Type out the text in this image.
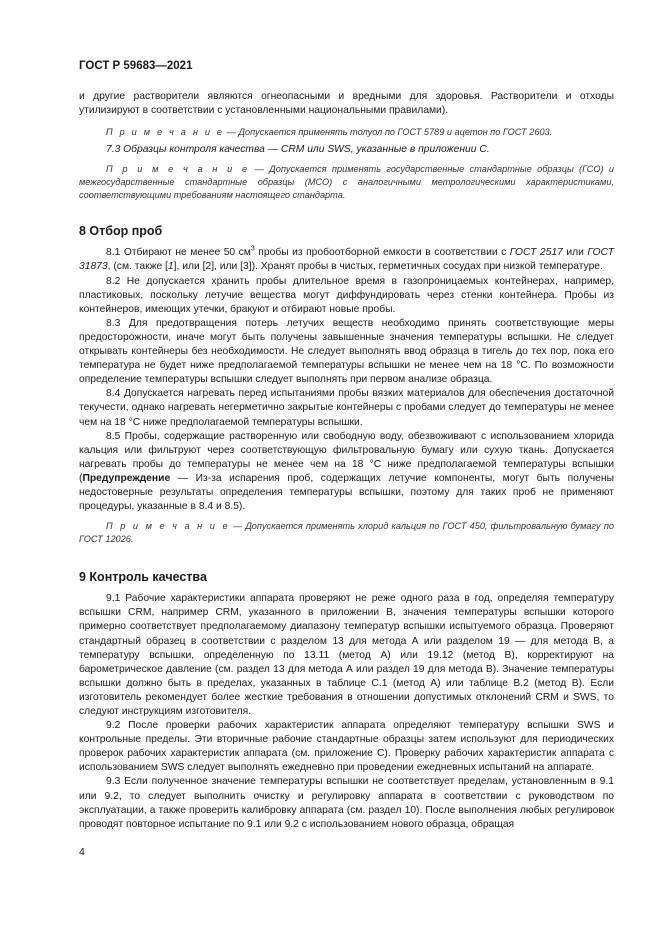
ГОСТ Р 59683—2021

и другие растворители являются огнеопасными и вредными для здоровья. Растворители и отходы утилизируют в соответствии с установленными национальными правилами).

П р и м е ч а н и е — Допускается применять толуол по ГОСТ 5789 и ацетон по ГОСТ 2603.

7.3 Образцы контроля качества — CRM или SWS, указанные в приложении С.

П р и м е ч а н и е — Допускается применять государственные стандартные образцы (ГСО) и межгосударственные стандартные образцы (МСО) с аналогичными метрологическими характеристиками, соответствующими требованиям настоящего стандарта.

8 Отбор проб

8.1 Отбирают не менее 50 $см^3$ пробы из пробоотборной емкости в соответствии с ГОСТ 2517 или ГОСТ 31873, (см. также [1], или [2], или [3]). Хранят пробы в чистых, герметичных сосудах при низкой температуре.

8.2 Не допускается хранить пробы длительное время в газопроницаемых контейнерах, например, пластиковых, поскольку летучие вещества могут диффундировать через стенки контейнера. Пробы из контейнеров, имеющих утечки, бракуют и отбирают новые пробы.

8.3 Для предотвращения потерь летучих веществ необходимо принять соответствующие меры предосторожности, иначе могут быть получены завышенные значения температуры вспышки. Не следует открывать контейнеры без необходимости. Не следует выполнять ввод образца в тигель до тех пор, пока его температура не будет ниже предполагаемой температуры вспышки не менее чем на 18 °С. По возможности определение температуры вспышки следует выполнять при первом анализе образца.

8.4 Допускается нагревать перед испытаниями пробы вязких материалов для обеспечения достаточной текучести, однако нагревать негерметично закрытые контейнеры с пробами следует до температуры не менее чем на 18 °С ниже предполагаемой температуры вспышки.

8.5 Пробы, содержащие растворенную или свободную воду, обезвоживают с использованием хлорида кальция или фильтруют через соответствующую фильтровальную бумагу или сухую ткань. Допускается нагревать пробы до температуры не менее чем на 18 °С ниже предполагаемой температуры вспышки (Предупреждение — Из-за испарения проб, содержащих летучие компоненты, могут быть получены недостоверные результаты определения температуры вспышки, поэтому для таких проб не применяют процедуры, указанные в 8.4 и 8.5).

П р и м е ч а н и е — Допускается применять хлорид кальция по ГОСТ 450, фильтровальную бумагу по ГОСТ 12026.

9 Контроль качества

9.1 Рабочие характеристики аппарата проверяют не реже одного раза в год, определяя температуру вспышки CRM, например CRM, указанного в приложении В, значения температуры вспышки которого примерно соответствует предполагаемому диапазону температур вспышки испытуемого образца. Проверяют стандартный образец в соответствии с разделом 13 для метода А или разделом 19 — для метода В, а температуру вспышки, определенную по 13.11 (метод А) или 19.12 (метод В), корректируют на барометрическое давление (см. раздел 13 для метода А или раздел 19 для метода В). Значение температуры вспышки должно быть в пределах, указанных в таблице С.1 (метод А) или таблице В.2 (метод В). Если изготовитель рекомендует более жесткие требования в отношении допустимых отклонений CRM и SWS, то следуют инструкциям изготовителя.

9.2 После проверки рабочих характеристик аппарата определяют температуру вспышки SWS и контрольные пределы. Эти вторичные рабочие стандартные образцы затем используют для периодических проверок рабочих характеристик аппарата (см. приложение С). Проверку рабочих характеристик аппарата с использованием SWS следует выполнять ежедневно при проведении ежедневных испытаний на аппарате.

9.3 Если полученное значение температуры вспышки не соответствует пределам, установленным в 9.1 или 9.2, то следует выполнить очистку и регулировку аппарата в соответствии с руководством по эксплуатации, а также проверить калибровку аппарата (см. раздел 10). После выполнения любых регулировок проводят повторное испытание по 9.1 или 9.2 с использованием нового образца, обращая

4
